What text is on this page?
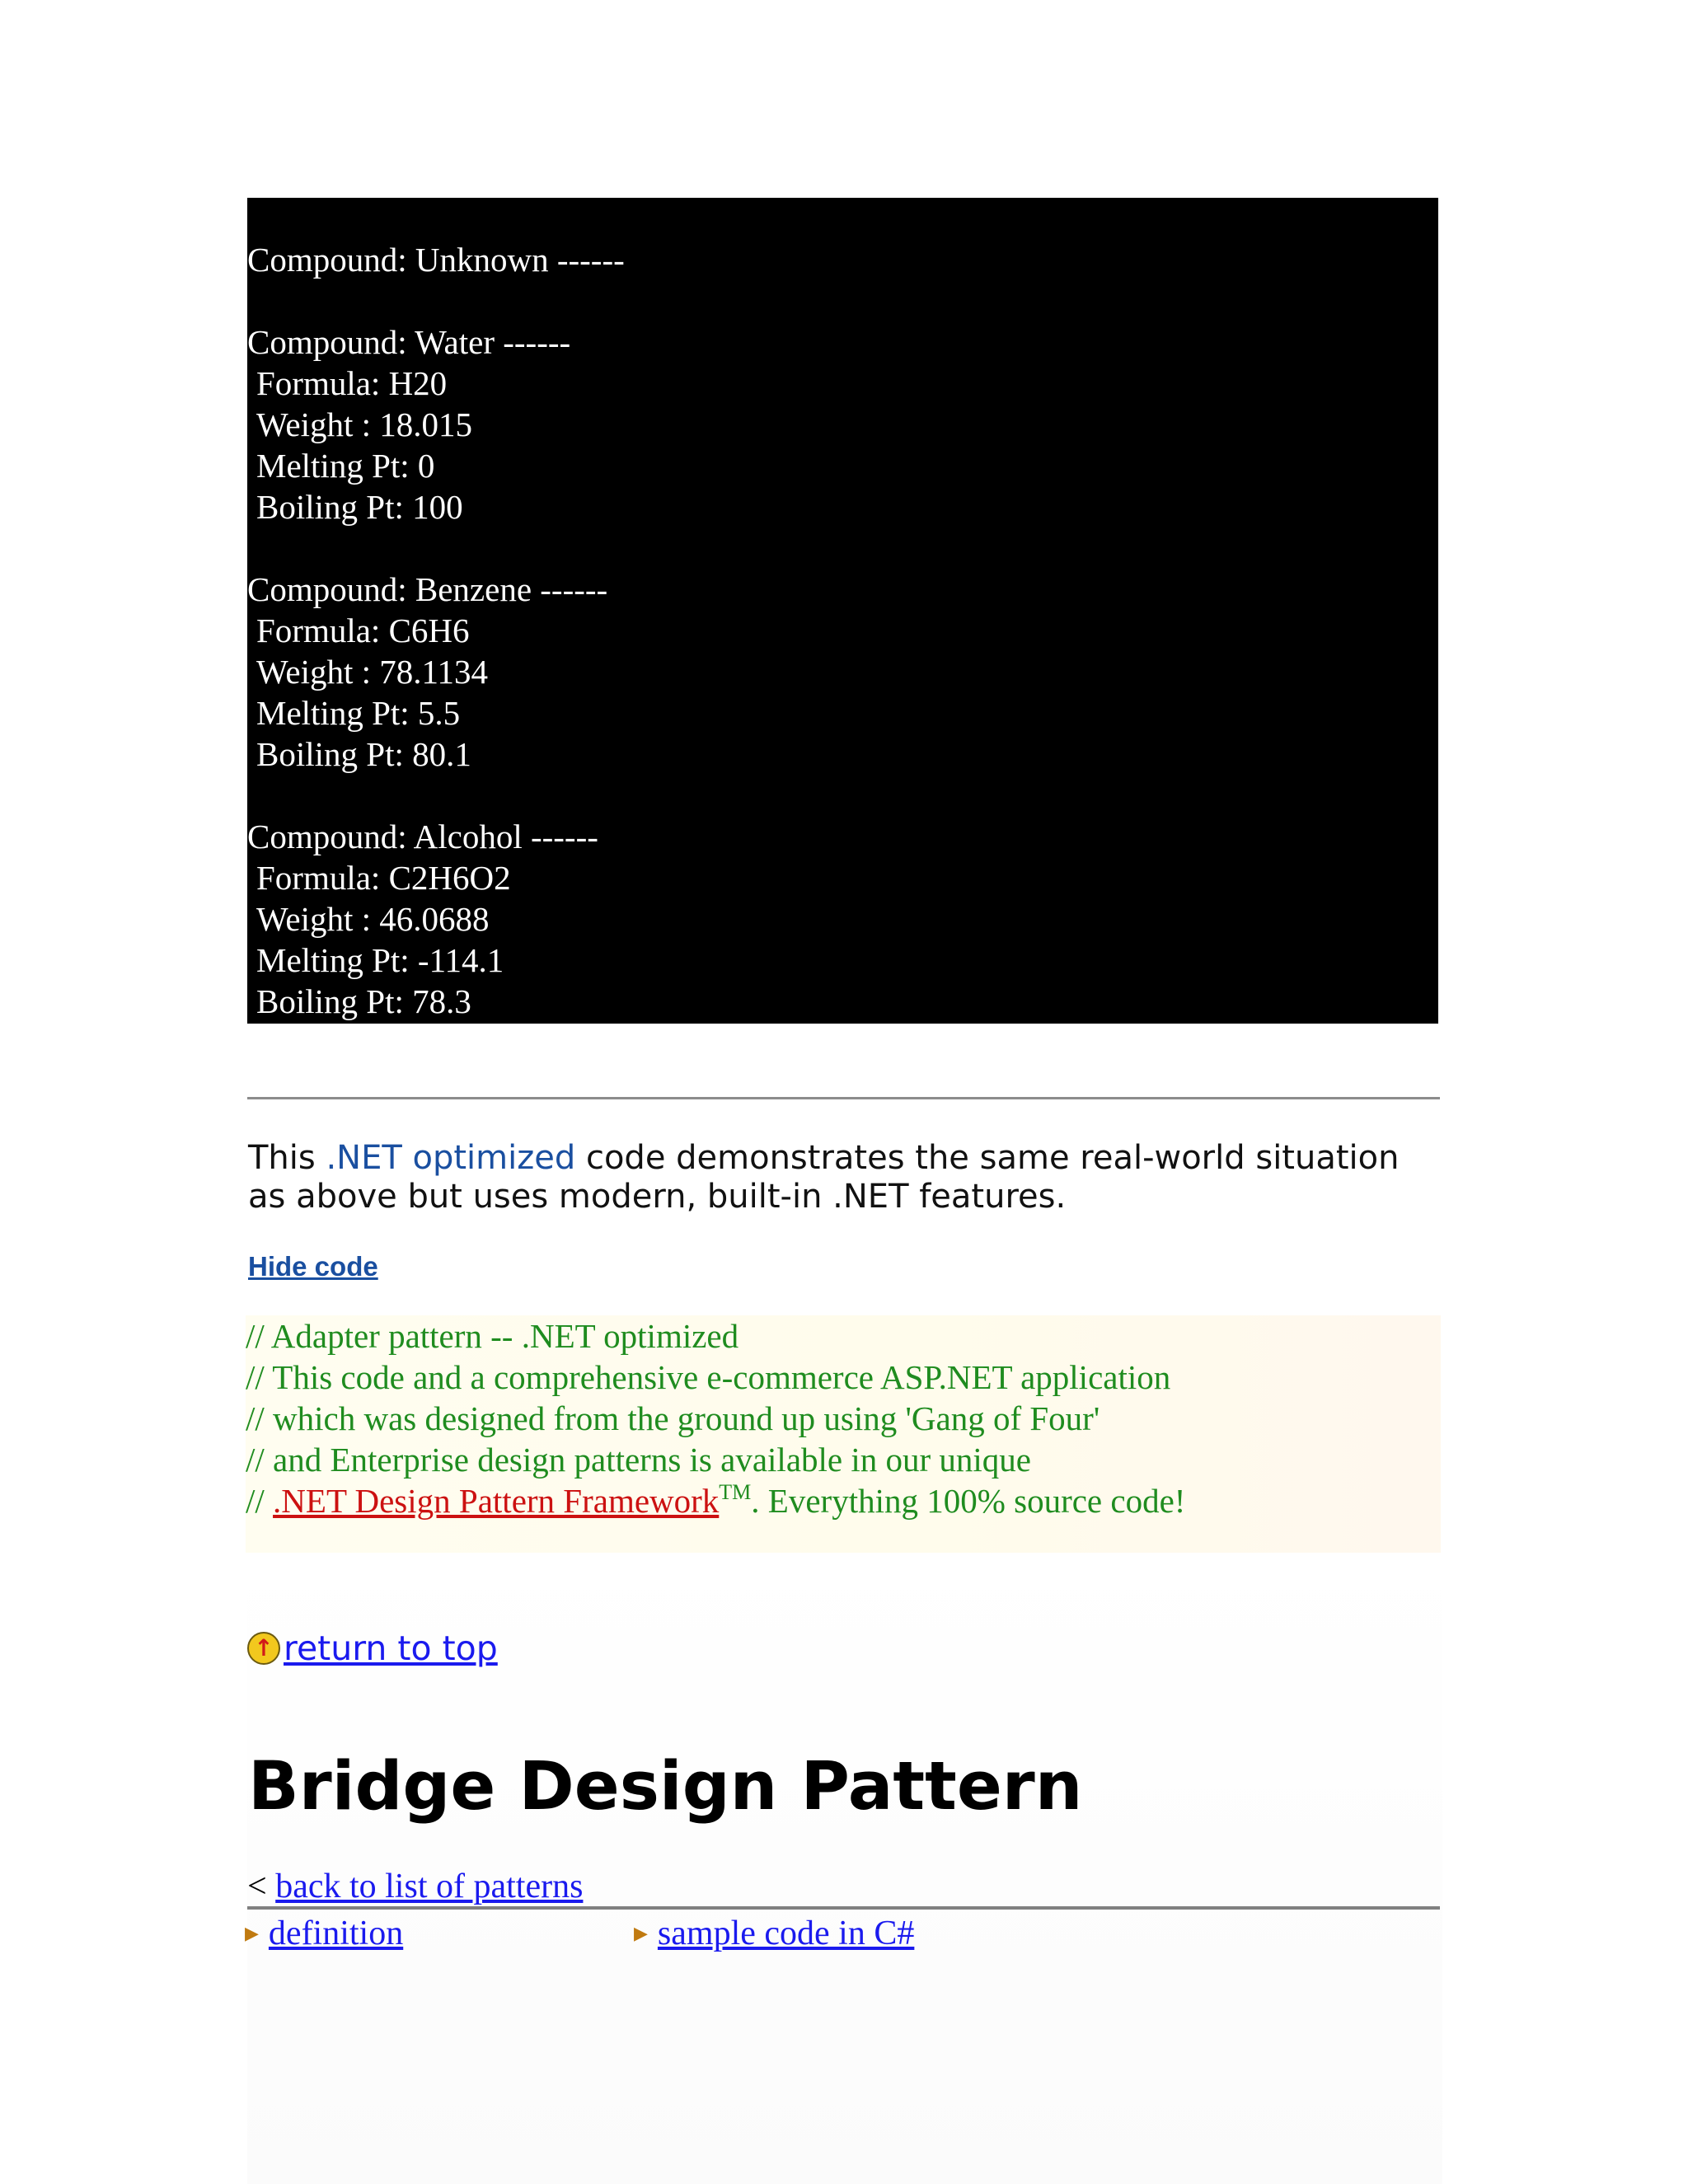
Compound: Unknown ------
Compound: Water ------
Formula: H20
Weight : 18.015
Melting Pt: 0
Boiling Pt: 100
Compound: Benzene ------
Formula: C6H6
Weight : 78.1134
Melting Pt: 5.5
Boiling Pt: 80.1
Compound: Alcohol ------
Formula: C2H6O2
Weight : 46.0688
Melting Pt: -114.1
Boiling Pt: 78.3
This .NET optimized code demonstrates the same real-world situation as above but uses modern, built-in .NET features.
Hide code
// Adapter pattern -- .NET optimized
// This code and a comprehensive e-commerce ASP.NET application
// which was designed from the ground up using 'Gang of Four'
// and Enterprise design patterns is available in our unique
// .NET Design Pattern Framework™. Everything 100% source code!
↑ return to top
Bridge Design Pattern
< back to list of patterns
▶ definition	▶ sample code in C#
